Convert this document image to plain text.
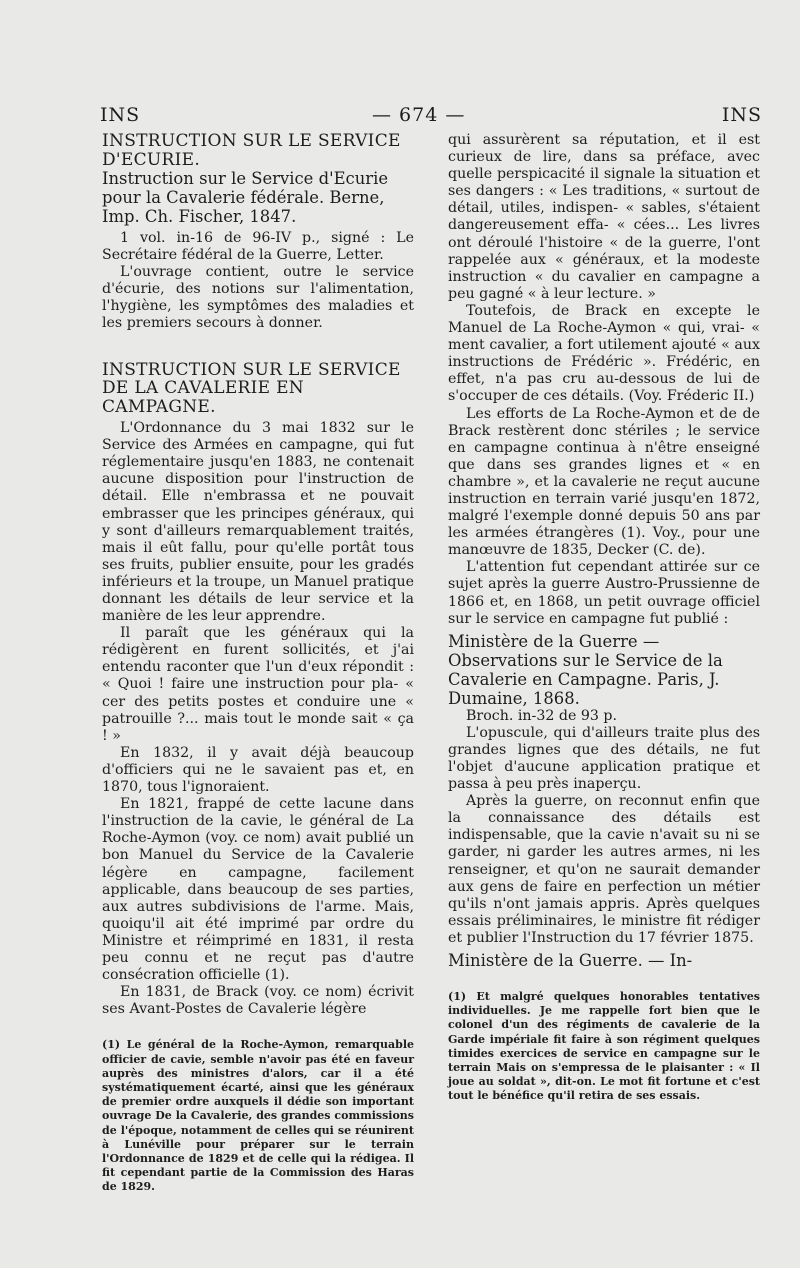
INS	— 674 —	INS

INSTRUCTION SUR LE SERVICE D'ECURIE.

Instruction sur le Service d'Ecurie pour la Cavalerie fédérale. Berne, Imp. Ch. Fischer, 1847.

1 vol. in-16 de 96-IV p., signé : Le Secrétaire fédéral de la Guerre, Letter.

L'ouvrage contient, outre le service d'écurie, des notions sur l'alimentation, l'hygiène, les symptômes des maladies et les premiers secours à donner.

INSTRUCTION SUR LE SERVICE DE LA CAVALERIE EN CAMPAGNE.

L'Ordonnance du 3 mai 1832 sur le Service des Armées en campagne, qui fut réglementaire jusqu'en 1883, ne contenait aucune disposition pour l'instruction de détail. Elle n'embrassa et ne pouvait embrasser que les principes généraux, qui y sont d'ailleurs remarquablement traités, mais il eût fallu, pour qu'elle portât tous ses fruits, publier ensuite, pour les gradés inférieurs et la troupe, un Manuel pratique donnant les détails de leur service et la manière de les leur apprendre.

Il paraît que les généraux qui la rédigèrent en furent sollicités, et j'ai entendu raconter que l'un d'eux répondit : « Quoi ! faire une instruction pour pla- « cer des petits postes et conduire une « patrouille ?... mais tout le monde sait « ça ! »

En 1832, il y avait déjà beaucoup d'officiers qui ne le savaient pas et, en 1870, tous l'ignoraient.

En 1821, frappé de cette lacune dans l'instruction de la cavie, le général de La Roche-Aymon (voy. ce nom) avait publié un bon Manuel du Service de la Cavalerie légère en campagne, facilement applicable, dans beaucoup de ses parties, aux autres subdivisions de l'arme. Mais, quoiqu'il ait été imprimé par ordre du Ministre et réimprimé en 1831, il resta peu connu et ne reçut pas d'autre consécration officielle (1).

En 1831, de Brack (voy. ce nom) écrivit ses Avant-Postes de Cavalerie légère

(1) Le général de la Roche-Aymon, remarquable officier de cavie, semble n'avoir pas été en faveur auprès des ministres d'alors, car il a été systématiquement écarté, ainsi que les généraux de premier ordre auxquels il dédie son important ouvrage De la Cavalerie, des grandes commissions de l'époque, notamment de celles qui se réunirent à Lunéville pour préparer sur le terrain l'Ordonnance de 1829 et de celle qui la rédigea. Il fit cependant partie de la Commission des Haras de 1829.

qui assurèrent sa réputation, et il est curieux de lire, dans sa préface, avec quelle perspicacité il signale la situation et ses dangers : « Les traditions, « surtout de détail, utiles, indispen- « sables, s'étaient dangereusement effa- « cées... Les livres ont déroulé l'histoire « de la guerre, l'ont rappelée aux « généraux, et la modeste instruction « du cavalier en campagne a peu gagné « à leur lecture. »

Toutefois, de Brack en excepte le Manuel de La Roche-Aymon « qui, vrai- « ment cavalier, a fort utilement ajouté « aux instructions de Frédéric ». Frédéric, en effet, n'a pas cru au-dessous de lui de s'occuper de ces détails. (Voy. Fréderic II.)

Les efforts de La Roche-Aymon et de de Brack restèrent donc stériles ; le service en campagne continua à n'être enseigné que dans ses grandes lignes et « en chambre », et la cavalerie ne reçut aucune instruction en terrain varié jusqu'en 1872, malgré l'exemple donné depuis 50 ans par les armées étrangères (1). Voy., pour une manœuvre de 1835, Decker (C. de).

L'attention fut cependant attirée sur ce sujet après la guerre Austro-Prussienne de 1866 et, en 1868, un petit ouvrage officiel sur le service en campagne fut publié :

Ministère de la Guerre — Observations sur le Service de la Cavalerie en Campagne. Paris, J. Dumaine, 1868.

Broch. in-32 de 93 p.

L'opuscule, qui d'ailleurs traite plus des grandes lignes que des détails, ne fut l'objet d'aucune application pratique et passa à peu près inaperçu.

Après la guerre, on reconnut enfin que la connaissance des détails est indispensable, que la cavie n'avait su ni se garder, ni garder les autres armes, ni les renseigner, et qu'on ne saurait demander aux gens de faire en perfection un métier qu'ils n'ont jamais appris. Après quelques essais préliminaires, le ministre fit rédiger et publier l'Instruction du 17 février 1875.

Ministère de la Guerre. — In-

(1) Et malgré quelques honorables tentatives individuelles. Je me rappelle fort bien que le colonel d'un des régiments de cavalerie de la Garde impériale fit faire à son régiment quelques timides exercices de service en campagne sur le terrain Mais on s'empressa de le plaisanter : « Il joue au soldat », dit-on. Le mot fit fortune et c'est tout le bénéfice qu'il retira de ses essais.
